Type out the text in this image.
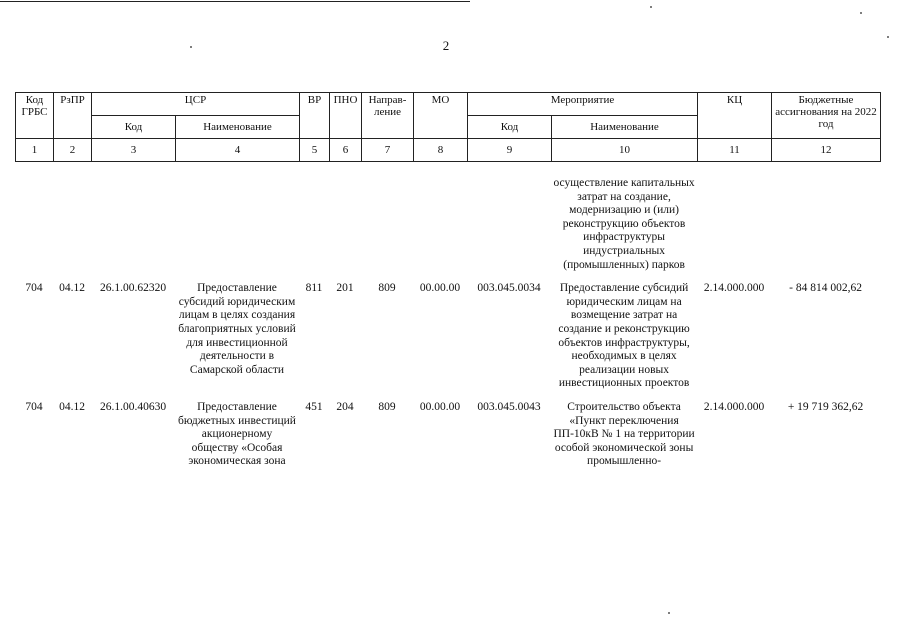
2
Код ГРБС	РзПР	ЦСР		ВР	ПНО	Направ-ление	МО	Мероприятие		КЦ	Бюджетные ассигнования на 2022 год
		Код	Наименование					Код	Наименование		
1	2	3	4	5	6	7	8	9	10	11	12
									осуществление капитальных затрат на создание, модернизацию и (или) реконструкцию объектов инфраструктуры индустриальных (промышленных) парков		

704	04.12	26.1.00.62320	Предоставление субсидий юридическим лицам в целях создания благоприятных условий для инвестиционной деятельности в Самарской области	811	201	809	00.00.00	003.045.0034	Предоставление субсидий юридическим лицам на возмещение затрат на создание и реконструкцию объектов инфраструктуры, необходимых в целях реализации новых инвестиционных проектов	2.14.000.000	- 84 814 002,62

704	04.12	26.1.00.40630	Предоставление бюджетных инвестиций акционерному обществу «Особая экономическая зона	451	204	809	00.00.00	003.045.0043	Строительство объекта «Пункт переключения ПП-10кВ № 1 на территории особой экономической зоны промышленно-	2.14.000.000	+ 19 719 362,62
